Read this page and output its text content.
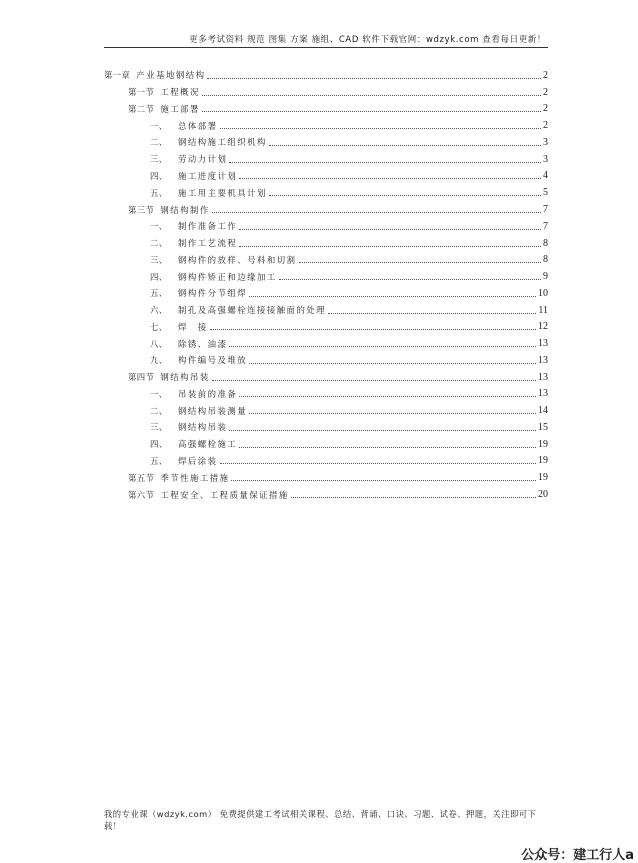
更多考试资料 规范 图集 方案 施组、CAD 软件下载官网：wdzyk.com 查看每日更新！
第一章 产业基地钢结构	2
第一节 工程概况	2
第二节 施工部署	2
一、	总体部署	2
二、	钢结构施工组织机构	3
三、	劳动力计划	3
四、	施工进度计划	4
五、	施工用主要机具计划	5
第三节 钢结构制作	7
一、	制作准备工作	7
二、	制作工艺流程	8
三、	钢构件的放样、号料和切割	8
四、	钢构件矫正和边缘加工	9
五、	钢构件分节组焊	10
六、	制孔及高强螺栓连接接触面的处理	11
七、	焊　接	12
八、	除锈、油漆	13
九、	构件编号及堆放	13
第四节 钢结构吊装	13
一、	吊装前的准备	13
二、	钢结构吊装测量	14
三、	钢结构吊装	15
四、	高强螺栓施工	19
五、	焊后涂装	19
第五节 季节性施工措施	19
第六节 工程安全、工程质量保证措施	20
我的专业课（wdzyk.com） 免费提供建工考试相关课程、总结、背诵、口诀、习题、试卷、押题，关注即可下载！
公众号：建工行人a
